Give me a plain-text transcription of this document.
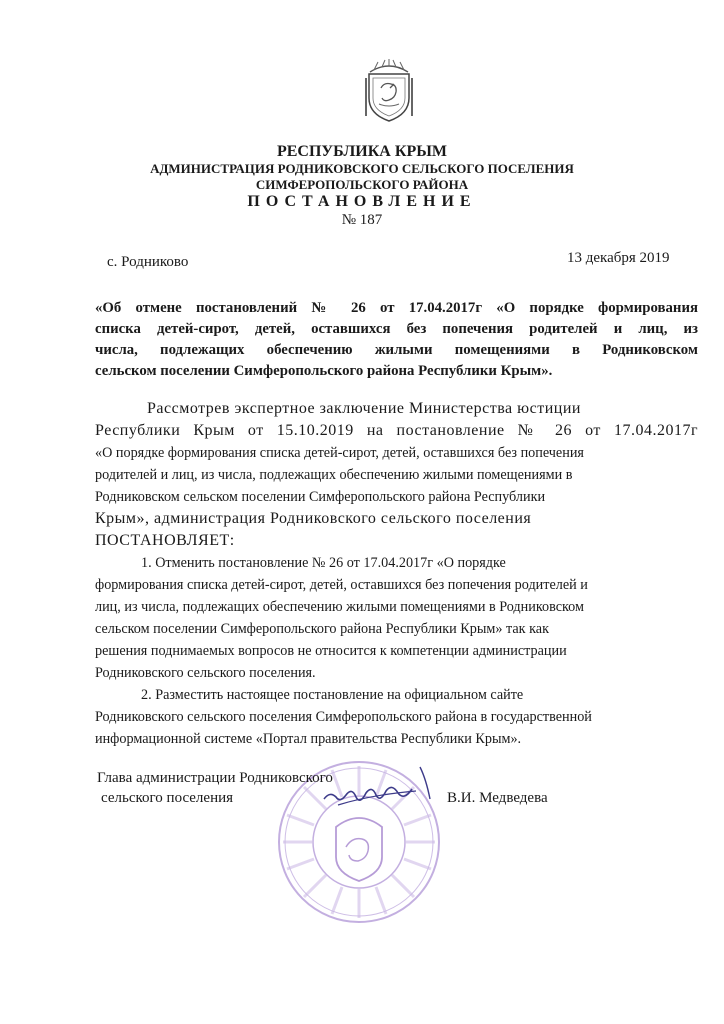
РЕСПУБЛИКА КРЫМ
АДМИНИСТРАЦИЯ РОДНИКОВСКОГО СЕЛЬСКОГО ПОСЕЛЕНИЯ
СИМФЕРОПОЛЬСКОГО РАЙОНА
ПОСТАНОВЛЕНИЕ
№ 187
с. Родниково	13 декабря 2019
«Об отмене постановлений № 26 от 17.04.2017г «О порядке формирования
списка детей-сирот, детей, оставшихся без попечения родителей и лиц, из
числа, подлежащих обеспечению жилыми помещениями в Родниковском
сельском поселении Симферопольского района Республики Крым».
Рассмотрев экспертное заключение Министерства юстиции
Республики Крым от 15.10.2019 на постановление № 26 от 17.04.2017г
«О порядке формирования списка детей-сирот, детей, оставшихся без попечения
родителей и лиц, из числа, подлежащих обеспечению жилыми помещениями в
Родниковском сельском поселении Симферопольского района Республики
Крым», администрация Родниковского сельского поселения
ПОСТАНОВЛЯЕТ:
1. Отменить постановление № 26 от 17.04.2017г «О порядке
формирования списка детей-сирот, детей, оставшихся без попечения родителей и
лиц, из числа, подлежащих обеспечению жилыми помещениями в Родниковском
сельском поселении Симферопольского района Республики Крым» так как
решения поднимаемых вопросов не относится к компетенции администрации
Родниковского сельского поселения.
2. Разместить настоящее постановление на официальном сайте
Родниковского сельского поселения Симферопольского района в государственной
информационной системе «Портал правительства Республики Крым».
Глава администрации Родниковского
сельского поселения	В.И. Медведева
